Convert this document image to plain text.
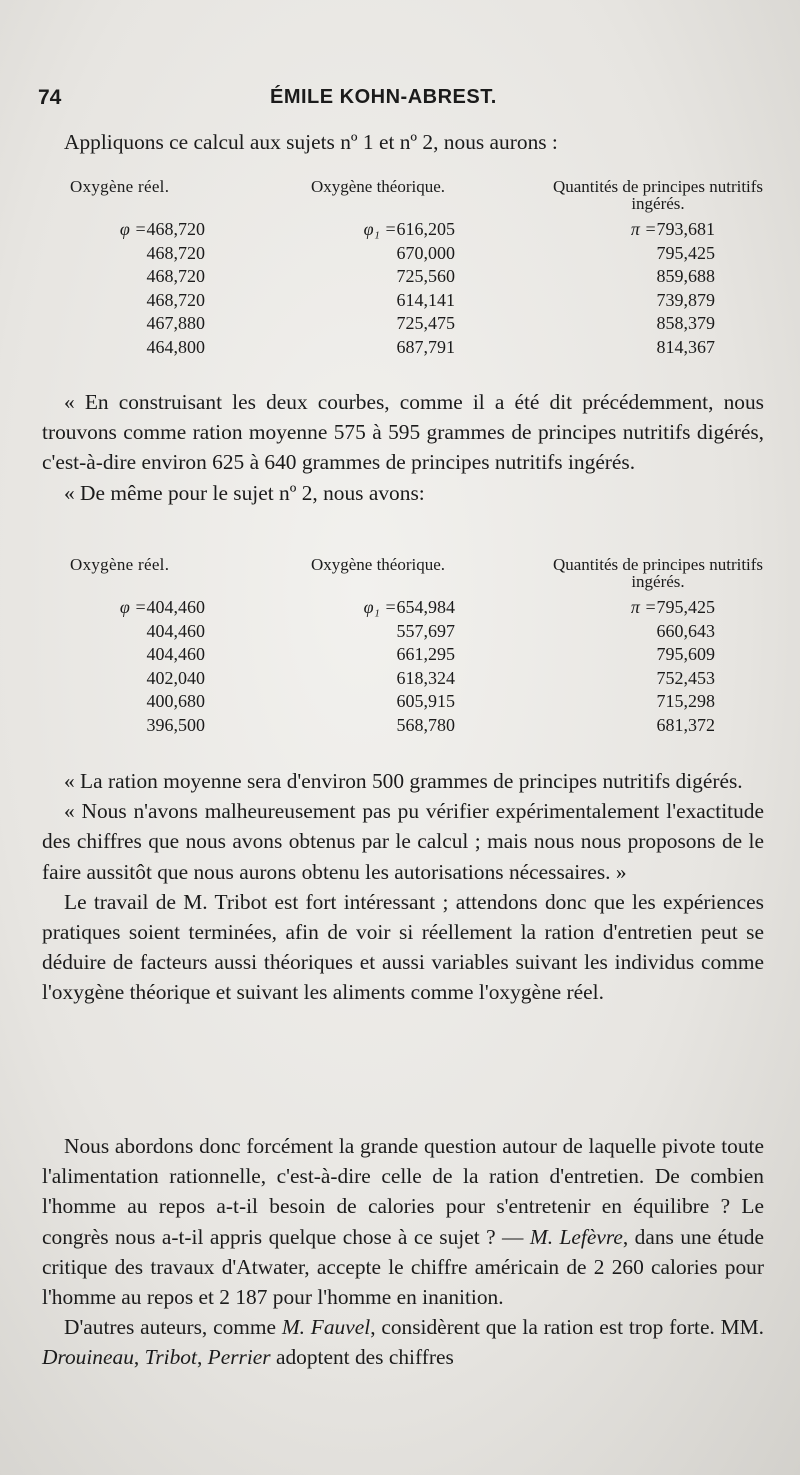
74	ÉMILE KOHN-ABREST.

Appliquons ce calcul aux sujets nº 1 et nº 2, nous aurons :

Oxygène réel.	Oxygène théorique.	Quantités de principes nutritifs ingérés.
φ =468,720	φ₁ =616,205	π =793,681
468,720	670,000	795,425
468,720	725,560	859,688
468,720	614,141	739,879
467,880	725,475	858,379
464,800	687,791	814,367

« En construisant les deux courbes, comme il a été dit précédemment, nous trouvons comme ration moyenne 575 à 595 grammes de principes nutritifs digérés, c'est-à-dire environ 625 à 640 grammes de principes nutritifs ingérés.

« De même pour le sujet nº 2, nous avons:

Oxygène réel.	Oxygène théorique.	Quantités de principes nutritifs ingérés.
φ =404,460	φ₁ =654,984	π =795,425
404,460	557,697	660,643
404,460	661,295	795,609
402,040	618,324	752,453
400,680	605,915	715,298
396,500	568,780	681,372

« La ration moyenne sera d'environ 500 grammes de principes nutritifs digérés.

« Nous n'avons malheureusement pas pu vérifier expérimentalement l'exactitude des chiffres que nous avons obtenus par le calcul ; mais nous nous proposons de le faire aussitôt que nous aurons obtenu les autorisations nécessaires. »

Le travail de M. Tribot est fort intéressant ; attendons donc que les expériences pratiques soient terminées, afin de voir si réellement la ration d'entretien peut se déduire de facteurs aussi théoriques et aussi variables suivant les individus comme l'oxygène théorique et suivant les aliments comme l'oxygène réel.

Nous abordons donc forcément la grande question autour de laquelle pivote toute l'alimentation rationnelle, c'est-à-dire celle de la ration d'entretien. De combien l'homme au repos a-t-il besoin de calories pour s'entretenir en équilibre ? Le congrès nous a-t-il appris quelque chose à ce sujet ? — M. Lefèvre, dans une étude critique des travaux d'Atwater, accepte le chiffre américain de 2 260 calories pour l'homme au repos et 2 187 pour l'homme en inanition.

D'autres auteurs, comme M. Fauvel, considèrent que la ration est trop forte. MM. Drouineau, Tribot, Perrier adoptent des chiffres
